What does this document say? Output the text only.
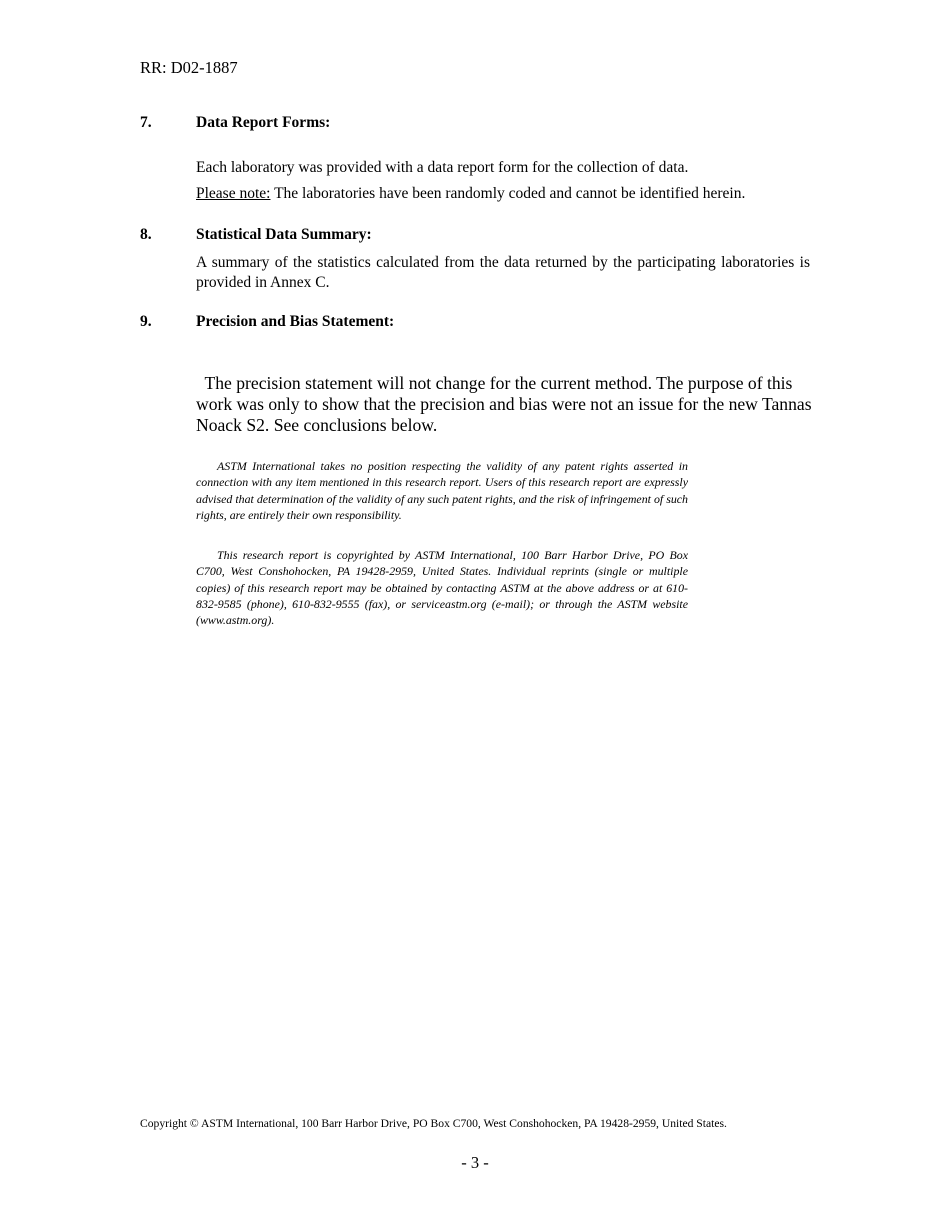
RR: D02-1887
7.	Data Report Forms:
Each laboratory was provided with a data report form for the collection of data.
Please note: The laboratories have been randomly coded and cannot be identified herein.
8.	Statistical Data Summary:
A summary of the statistics calculated from the data returned by the participating laboratories is provided in Annex C.
9.	Precision and Bias Statement:
The precision statement will not change for the current method. The purpose of this work was only to show that the precision and bias were not an issue for the new Tannas Noack S2. See conclusions below.
ASTM International takes no position respecting the validity of any patent rights asserted in connection with any item mentioned in this research report. Users of this research report are expressly advised that determination of the validity of any such patent rights, and the risk of infringement of such rights, are entirely their own responsibility.
This research report is copyrighted by ASTM International, 100 Barr Harbor Drive, PO Box C700, West Conshohocken, PA 19428-2959, United States. Individual reprints (single or multiple copies) of this research report may be obtained by contacting ASTM at the above address or at 610-832-9585 (phone), 610-832-9555 (fax), or serviceastm.org (e-mail); or through the ASTM website (www.astm.org).
Copyright © ASTM International, 100 Barr Harbor Drive, PO Box C700, West Conshohocken, PA 19428-2959, United States.
- 3 -
